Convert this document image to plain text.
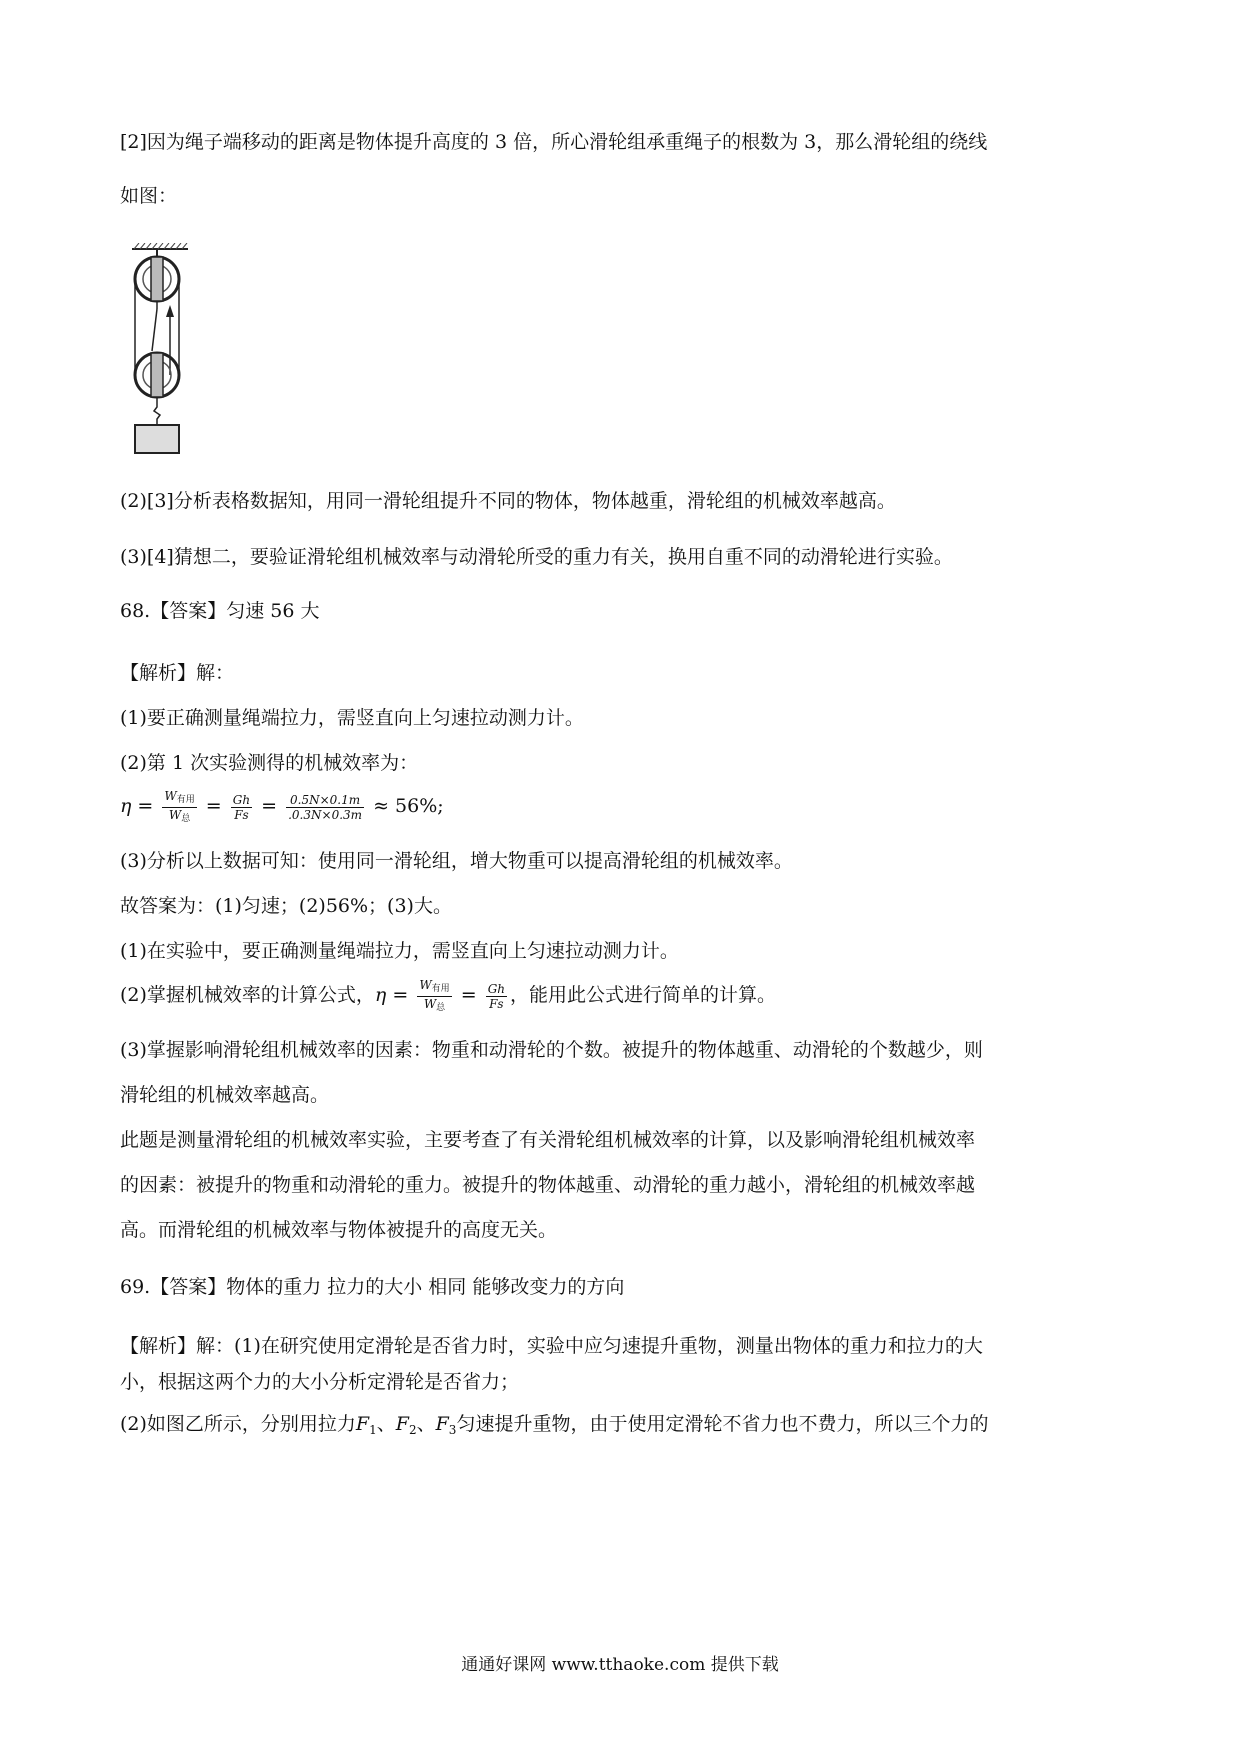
[2]因为绳子端移动的距离是物体提升高度的 3 倍，所心滑轮组承重绳子的根数为 3，那么滑轮组的绕线
如图：
(2)[3]分析表格数据知，用同一滑轮组提升不同的物体，物体越重，滑轮组的机械效率越高。
(3)[4]猜想二，要验证滑轮组机械效率与动滑轮所受的重力有关，换用自重不同的动滑轮进行实验。
68.【答案】匀速 56 大
【解析】解：
(1)要正确测量绳端拉力，需竖直向上匀速拉动测力计。
(2)第 1 次实验测得的机械效率为：
$\eta = \frac{W_{有用}}{W_总} = \frac{Gh}{Fs} = \frac{0.5N\times 0.1m}{.0.3N\times 0.3m} \approx 56\%$;
(3)分析以上数据可知：使用同一滑轮组，增大物重可以提高滑轮组的机械效率。
故答案为：(1)匀速；(2)56%；(3)大。
(1)在实验中，要正确测量绳端拉力，需竖直向上匀速拉动测力计。
(2)掌握机械效率的计算公式，$\eta = \frac{W_{有用}}{W_总} = \frac{Gh}{Fs}$ ，能用此公式进行简单的计算。
(3)掌握影响滑轮组机械效率的因素：物重和动滑轮的个数。被提升的物体越重、动滑轮的个数越少，则
滑轮组的机械效率越高。
此题是测量滑轮组的机械效率实验，主要考查了有关滑轮组机械效率的计算，以及影响滑轮组机械效率
的因素：被提升的物重和动滑轮的重力。被提升的物体越重、动滑轮的重力越小，滑轮组的机械效率越
高。而滑轮组的机械效率与物体被提升的高度无关。
69.【答案】物体的重力 拉力的大小 相同 能够改变力的方向
【解析】解：(1)在研究使用定滑轮是否省力时，实验中应匀速提升重物，测量出物体的重力和拉力的大
小，根据这两个力的大小分析定滑轮是否省力；
(2)如图乙所示，分别用拉力$F_1$、$F_2$、$F_3$匀速提升重物，由于使用定滑轮不省力也不费力，所以三个力的
通通好课网 www.tthaoke.com 提供下载
